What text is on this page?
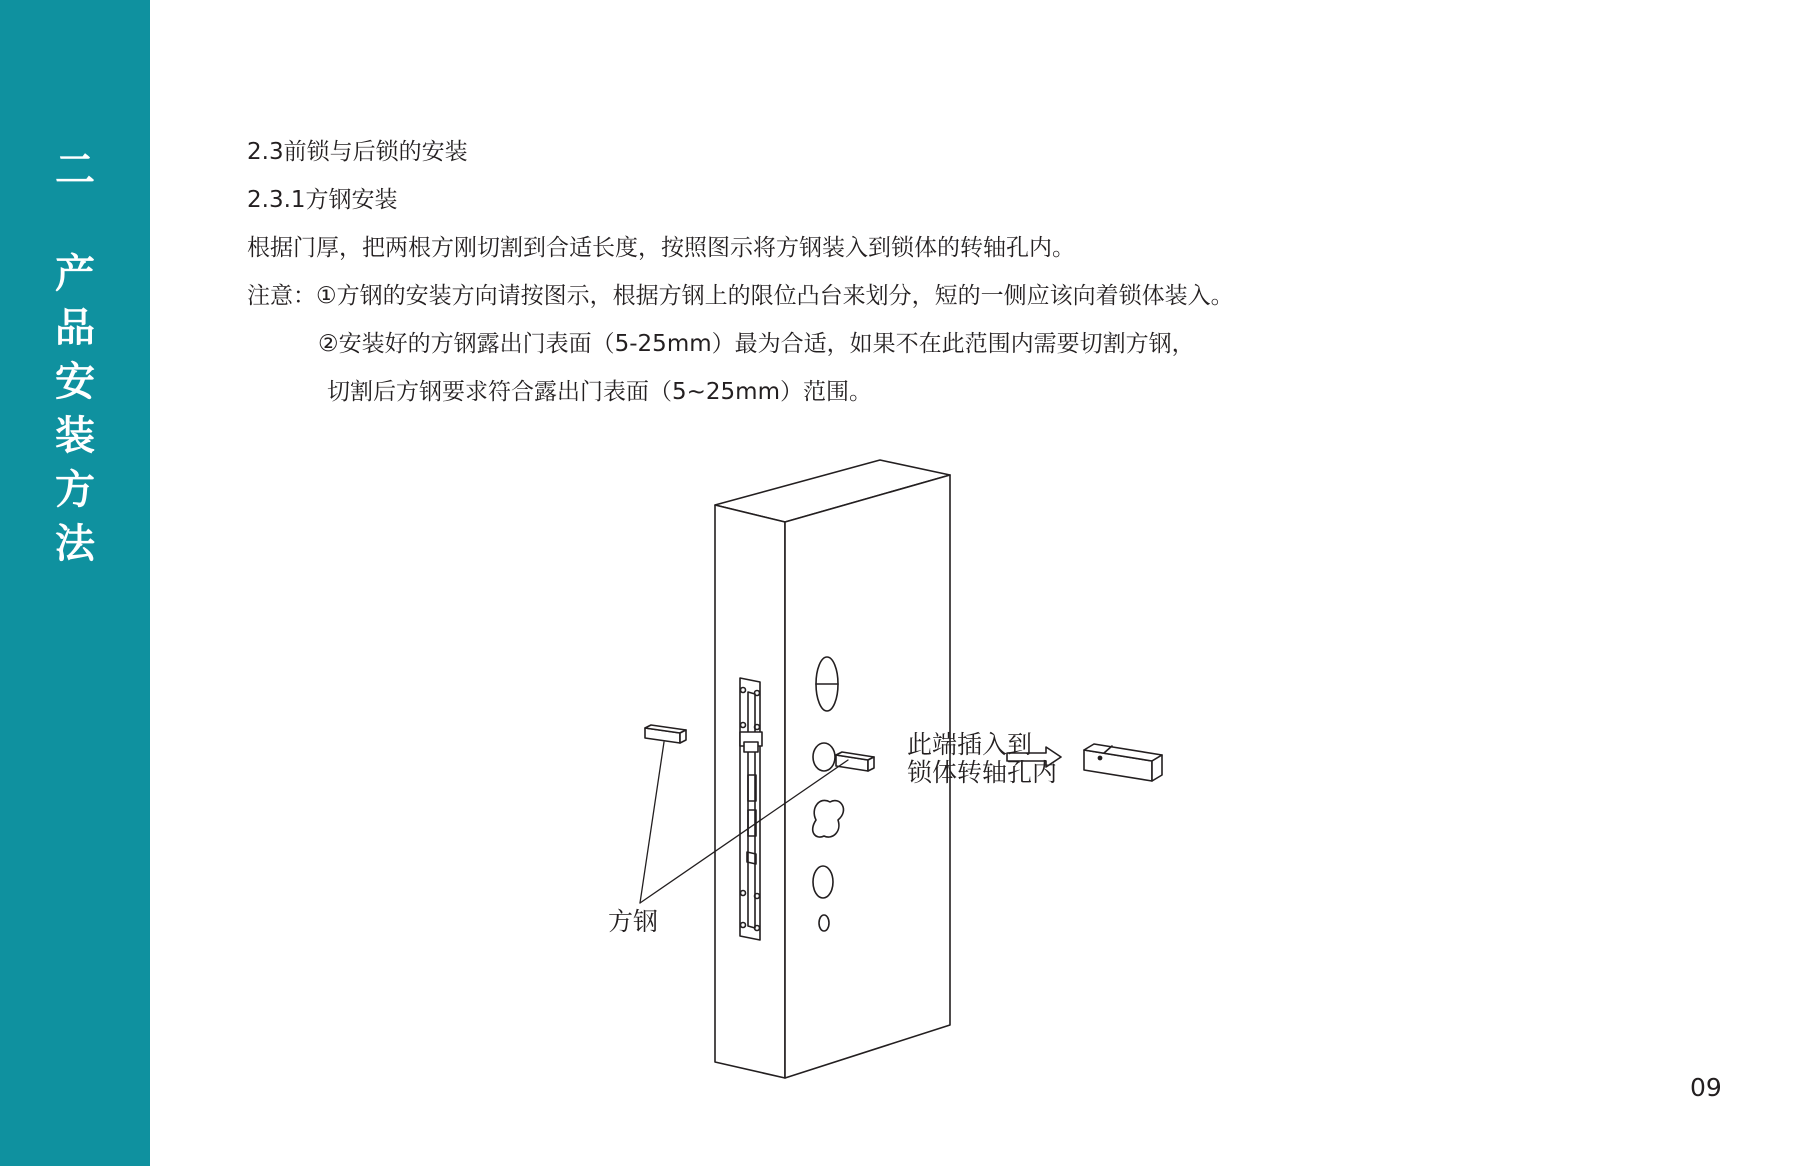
二
产
品
安
装
方
法
2.3前锁与后锁的安装
2.3.1方钢安装
根据门厚，把两根方刚切割到合适长度，按照图示将方钢装入到锁体的转轴孔内。
注意：①方钢的安装方向请按图示，根据方钢上的限位凸台来划分，短的一侧应该向着锁体装入。
②安装好的方钢露出门表面（5-25mm）最为合适，如果不在此范围内需要切割方钢，
切割后方钢要求符合露出门表面（5~25mm）范围。
方钢
此端插入到
锁体转轴孔内
09
